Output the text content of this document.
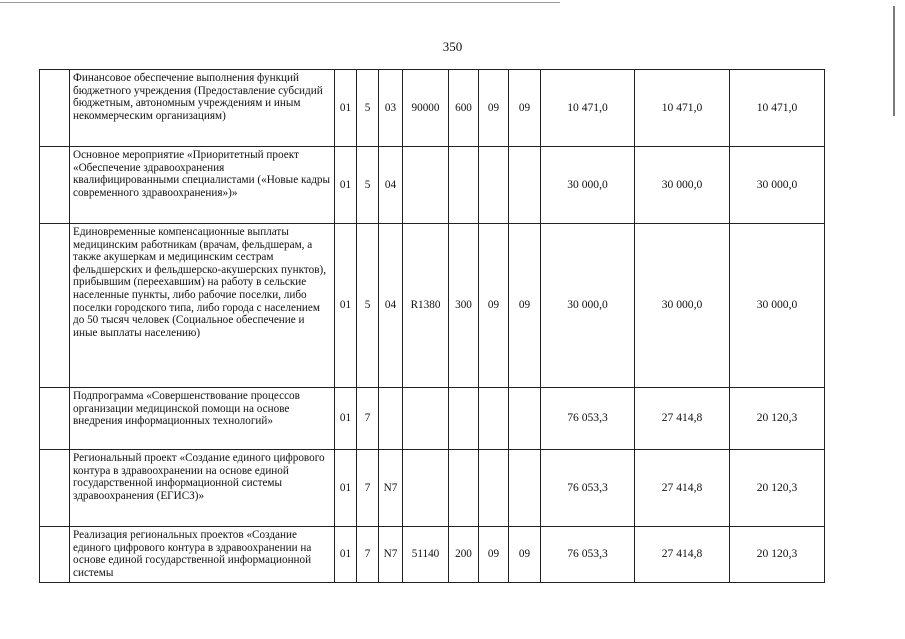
350
	Финансовое обеспечение выполнения функций бюджетного учреждения (Предоставление субсидий бюджетным, автономным учреждениям и иным некоммерческим организациям)	01	5	03	90000	600	09	09	10 471,0	10 471,0	10 471,0
	Основное мероприятие «Приоритетный проект «Обеспечение здравоохранения квалифицированными специалистами («Новые кадры современного здравоохранения»)»	01	5	04					30 000,0	30 000,0	30 000,0
	Единовременные компенсационные выплаты медицинским работникам (врачам, фельдшерам, а также акушеркам и медицинским сестрам фельдшерских и фельдшерско-акушерских пунктов), прибывшим (переехавшим) на работу в сельские населенные пункты, либо рабочие поселки, либо поселки городского типа, либо города с населением до 50 тысяч человек (Социальное обеспечение и иные выплаты населению)	01	5	04	R1380	300	09	09	30 000,0	30 000,0	30 000,0
	Подпрограмма «Совершенствование процессов организации медицинской помощи на основе внедрения информационных технологий»	01	7						76 053,3	27 414,8	20 120,3
	Региональный проект «Создание единого цифрового контура в здравоохранении на основе единой государственной информационной системы здравоохранения (ЕГИСЗ)»	01	7	N7					76 053,3	27 414,8	20 120,3
	Реализация региональных проектов «Создание единого цифрового контура в здравоохранении на основе единой государственной информационной системы	01	7	N7	51140	200	09	09	76 053,3	27 414,8	20 120,3
